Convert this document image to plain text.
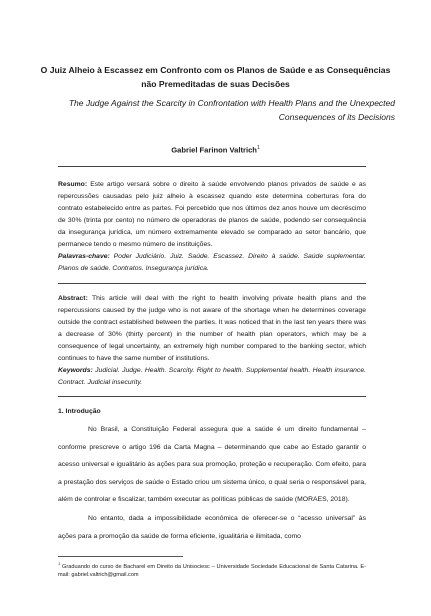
O Juiz Alheio à Escassez em Confronto com os Planos de Saúde e as Consequências não Premeditadas de suas Decisões
The Judge Against the Scarcity in Confrontation with Health Plans and the Unexpected Consequences of its Decisions
Gabriel Farinon Valtrich$^1$
Resumo: Este artigo versará sobre o direito à saúde envolvendo planos privados de saúde e as repercussões causadas pelo juiz alheio à escassez quando este determina coberturas fora do contrato estabelecido entre as partes. Foi percebido que nos últimos dez anos houve um decréscimo de 30% (trinta por cento) no número de operadoras de planos de saúde, podendo ser consequência da insegurança jurídica, um número extremamente elevado se comparado ao setor bancário, que permanece tendo o mesmo número de instituições.
Palavras-chave: Poder Judiciário. Juiz. Saúde. Escassez. Direito à saúde. Saúde suplementar. Planos de saúde. Contratos. Insegurança jurídica.
Abstract: This article will deal with the right to health involving private health plans and the repercussions caused by the judge who is not aware of the shortage when he determines coverage outside the contract established between the parties. It was noticed that in the last ten years there was a decrease of 30% (thirty percent) in the number of health plan operators, which may be a consequence of legal uncertainty, an extremely high number compared to the banking sector, which continues to have the same number of institutions.
Keywords: Judicial. Judge. Health. Scarcity. Right to health. Supplemental health. Health insurance. Contract. Judicial insecurity.
1. Introdução
No Brasil, a Constituição Federal assegura que a saúde é um direito fundamental – conforme prescreve o artigo 196 da Carta Magna – determinando que cabe ao Estado garantir o acesso universal e igualitário às ações para sua promoção, proteção e recuperação. Com efeito, para a prestação dos serviços de saúde o Estado criou um sistema único, o qual seria o responsável para, além de controlar e fiscalizar, também executar as políticas públicas de saúde (MORAES, 2018).
No entanto, dada a impossibilidade econômica de oferecer-se o “acesso universal” às ações para a promoção da saúde de forma eficiente, igualitária e ilimitada, como
$^1$ Graduando do curso de Bacharel em Direito da Unisociesc – Universidade Sociedade Educacional de Santa Catarina. E-mail: gabriel.valtrich@gmail.com
